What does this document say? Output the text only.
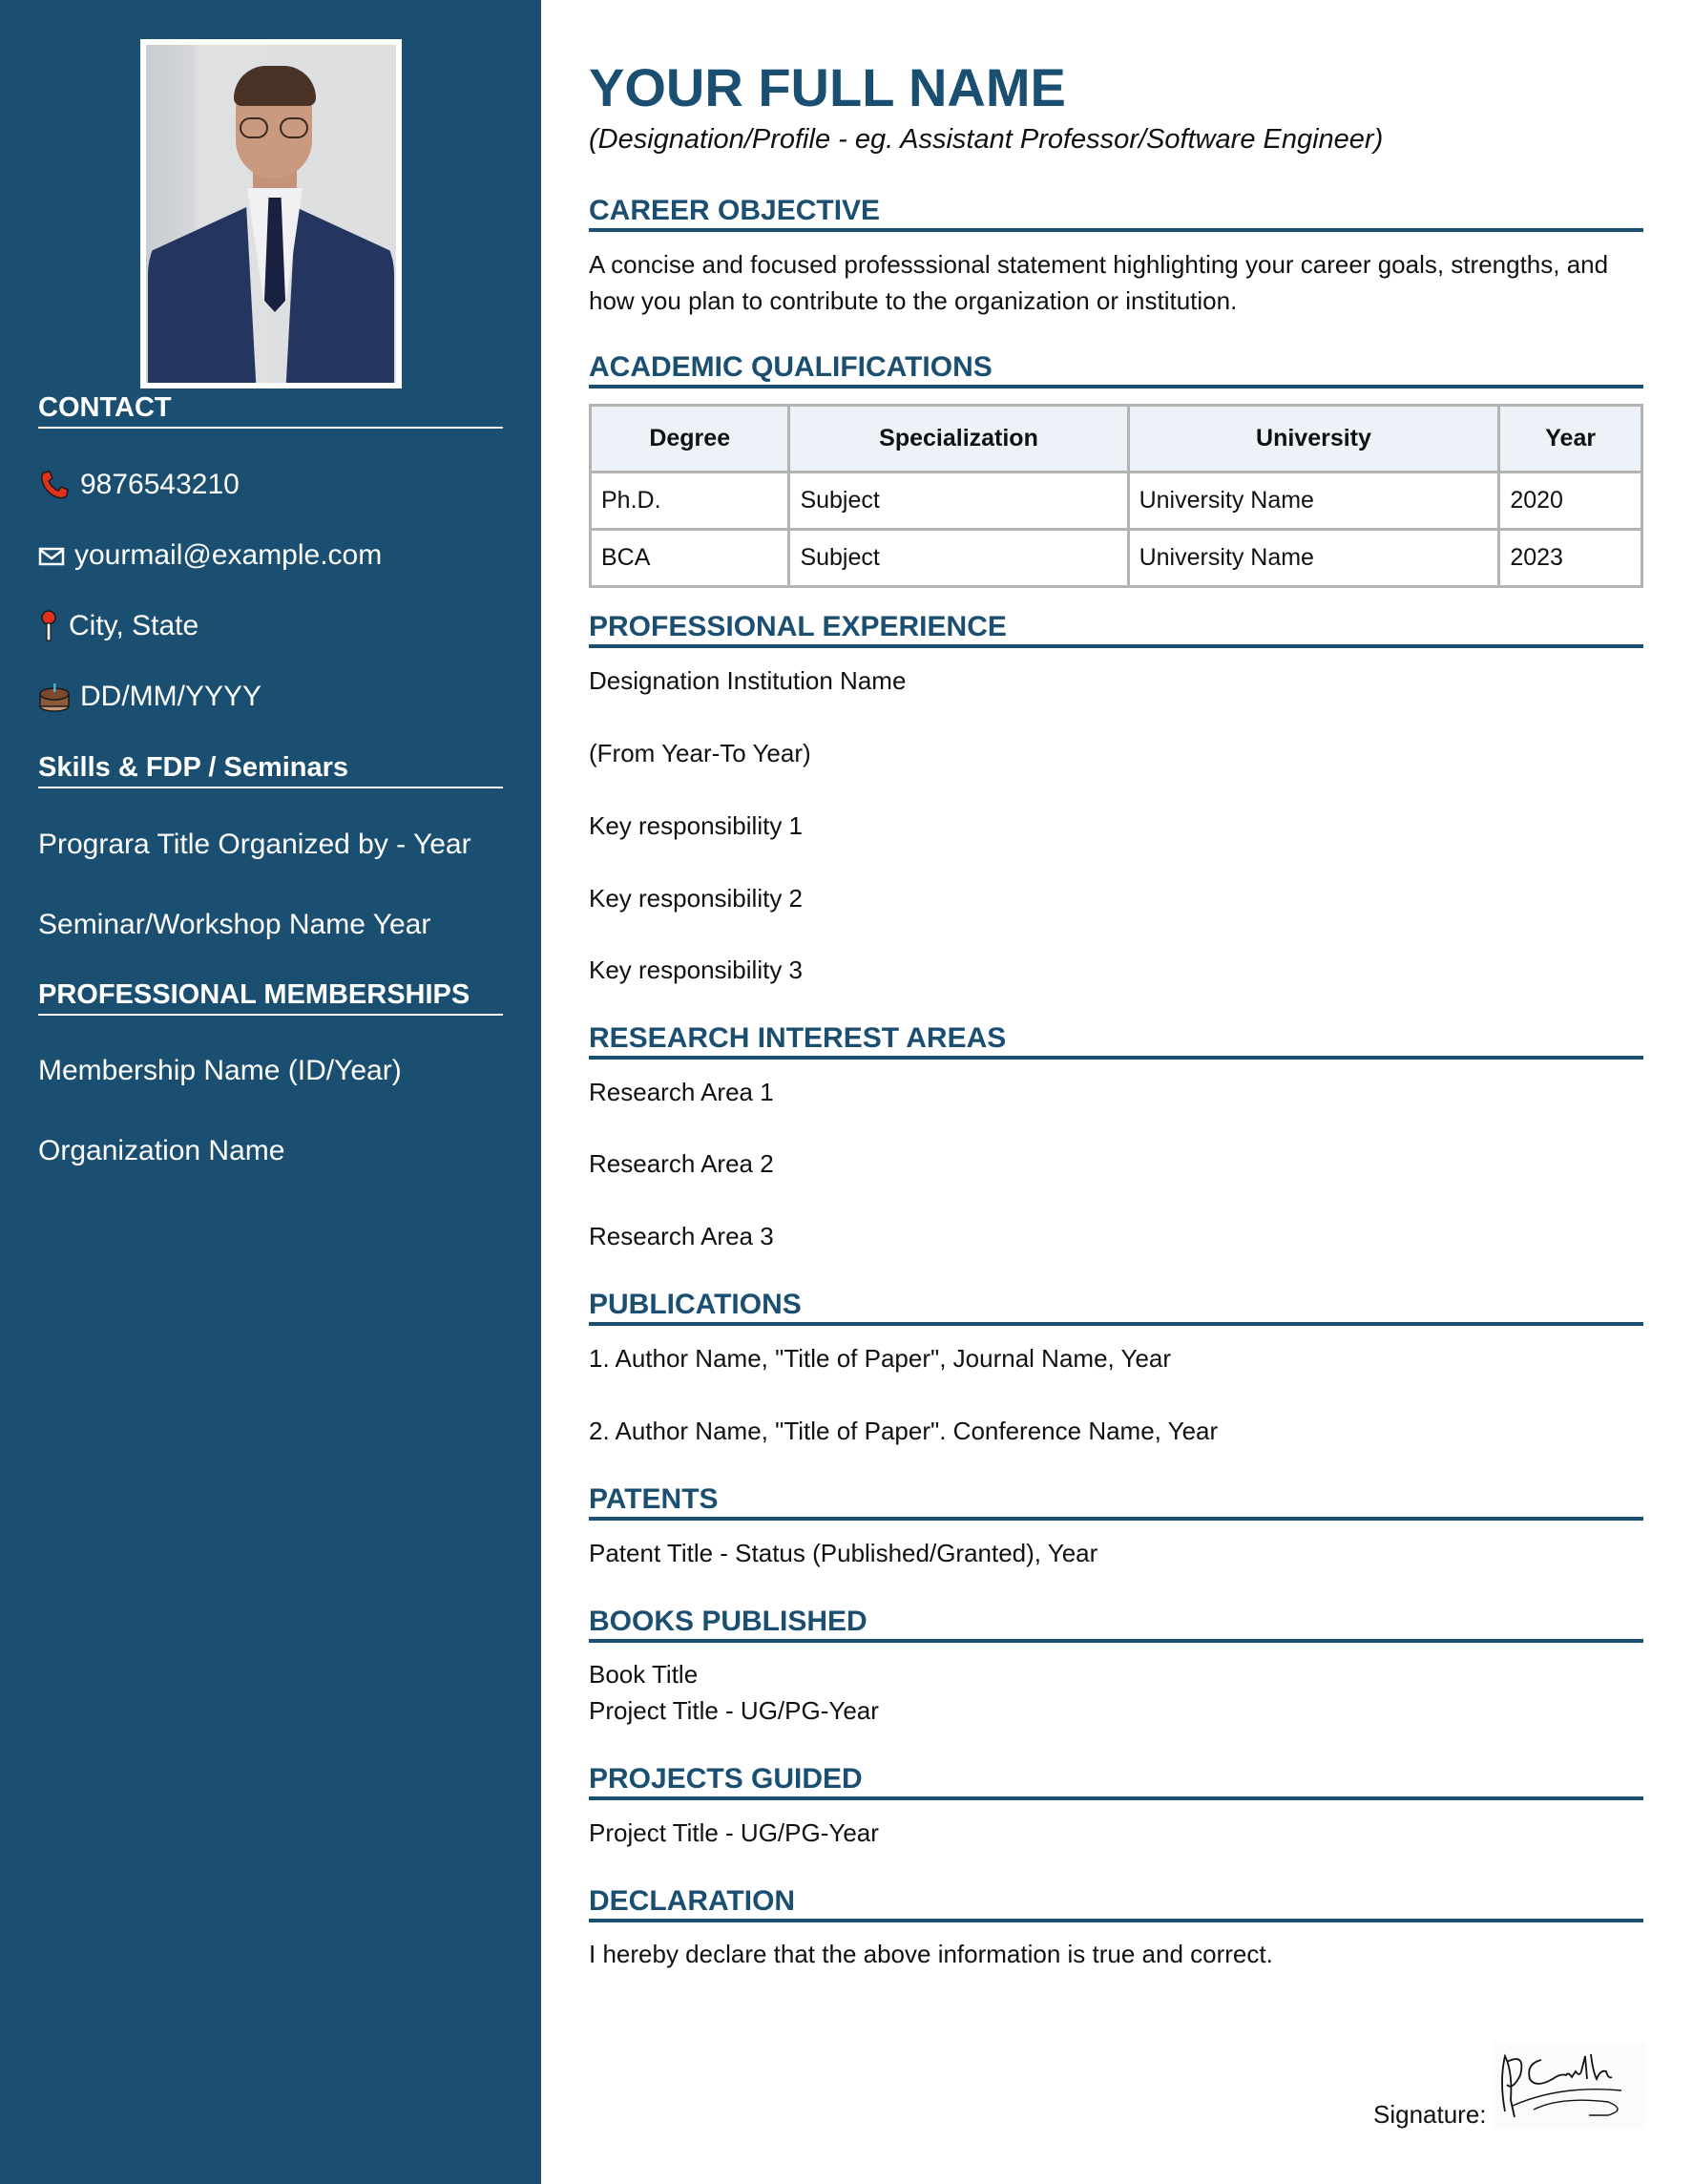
CONTACT
9876543210
yourmail@example.com
City, State
DD/MM/YYYY
Skills & FDP / Seminars
Prograra Title Organized by - Year
Seminar/Workshop Name Year
PROFESSIONAL MEMBERSHIPS
Membership Name (ID/Year)
Organization Name
YOUR FULL NAME
(Designation/Profile - eg. Assistant Professor/Software Engineer)
CAREER OBJECTIVE

A concise and focused professsional statement highlighting your career goals, strengths, and how you plan to contribute to the organization or institution.

ACADEMIC QUALIFICATIONS
Degree	Specialization	University	Year
Ph.D.	Subject	University Name	2020
BCA	Subject	University Name	2023
PROFESSIONAL EXPERIENCE
Designation Institution Name
(From Year-To Year)
Key responsibility 1
Key responsibility 2
Key responsibility 3
RESEARCH INTEREST AREAS
Research Area 1
Research Area 2
Research Area 3
PUBLICATIONS
1. Author Name, "Title of Paper", Journal Name, Year
2. Author Name, "Title of Paper". Conference Name, Year
PATENTS
Patent Title - Status (Published/Granted), Year
BOOKS PUBLISHED
Book Title
Project Title - UG/PG-Year
PROJECTS GUIDED
Project Title - UG/PG-Year
DECLARATION
I hereby declare that the above information is true and correct.
Signature:
